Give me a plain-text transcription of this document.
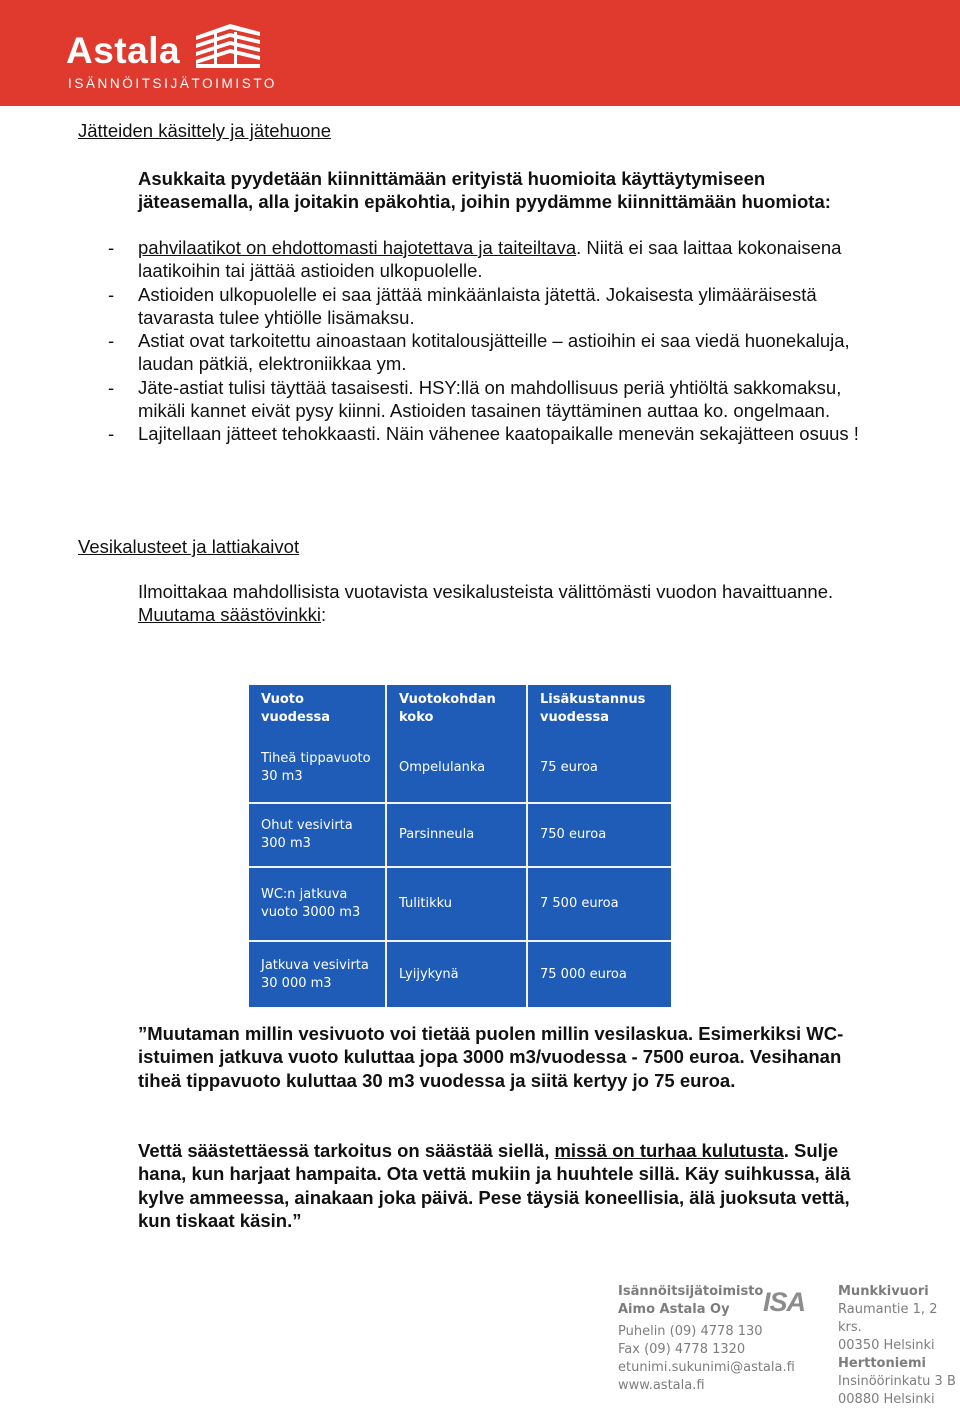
Astala
ISÄNNÖITSIJÄTOIMISTO
Jätteiden käsittely ja jätehuone
Asukkaita pyydetään kiinnittämään erityistä huomioita käyttäytymiseen jäteasemalla, alla joitakin epäkohtia, joihin pyydämme kiinnittämään huomiota:
- pahvilaatikot on ehdottomasti hajotettava ja taiteiltava. Niitä ei saa laittaa kokonaisena laatikoihin tai jättää astioiden ulkopuolelle.
- Astioiden ulkopuolelle ei saa jättää minkäänlaista jätettä. Jokaisesta ylimääräisestä tavarasta tulee yhtiölle lisämaksu.
- Astiat ovat tarkoitettu ainoastaan kotitalousjätteille – astioihin ei saa viedä huonekaluja, laudan pätkiä, elektroniikkaa ym.
- Jäte-astiat tulisi täyttää tasaisesti. HSY:llä on mahdollisuus periä yhtiöltä sakkomaksu, mikäli kannet eivät pysy kiinni. Astioiden tasainen täyttäminen auttaa ko. ongelmaan.
- Lajitellaan jätteet tehokkaasti. Näin vähenee kaatopaikalle menevän sekajätteen osuus !
Vesikalusteet ja lattiakaivot
Ilmoittakaa mahdollisista vuotavista vesikalusteista välittömästi vuodon havaittuanne. Muutama säästövinkki:
Vuoto vuodessa	Vuotokohdan koko	Lisäkustannus vuodessa
Tiheä tippavuoto 30 m3	Ompelulanka	75 euroa
Ohut vesivirta 300 m3	Parsinneula	750 euroa
WC:n jatkuva vuoto 3000 m3	Tulitikku	7 500 euroa
Jatkuva vesivirta 30 000 m3	Lyijykynä	75 000 euroa
”Muutaman millin vesivuoto voi tietää puolen millin vesilaskua. Esimerkiksi WC-istuimen jatkuva vuoto kuluttaa jopa 3000 m3/vuodessa - 7500 euroa. Vesihanan tiheä tippavuoto kuluttaa 30 m3 vuodessa ja siitä kertyy jo 75 euroa.
Vettä säästettäessä tarkoitus on säästää siellä, missä on turhaa kulutusta. Sulje hana, kun harjaat hampaita. Ota vettä mukiin ja huuhtele sillä. Käy suihkussa, älä kylve ammeessa, ainakaan joka päivä. Pese täysiä koneellisia, älä juoksuta vettä, kun tiskaat käsin.”
Isännöitsijätoimisto
Aimo Astala Oy
Puhelin (09) 4778 130
Fax (09) 4778 1320
etunimi.sukunimi@astala.fi
www.astala.fi
ISA	Munkkivuori
Raumantie 1, 2 krs.
00350 Helsinki
Herttoniemi
Insinöörinkatu 3 B
00880 Helsinki
